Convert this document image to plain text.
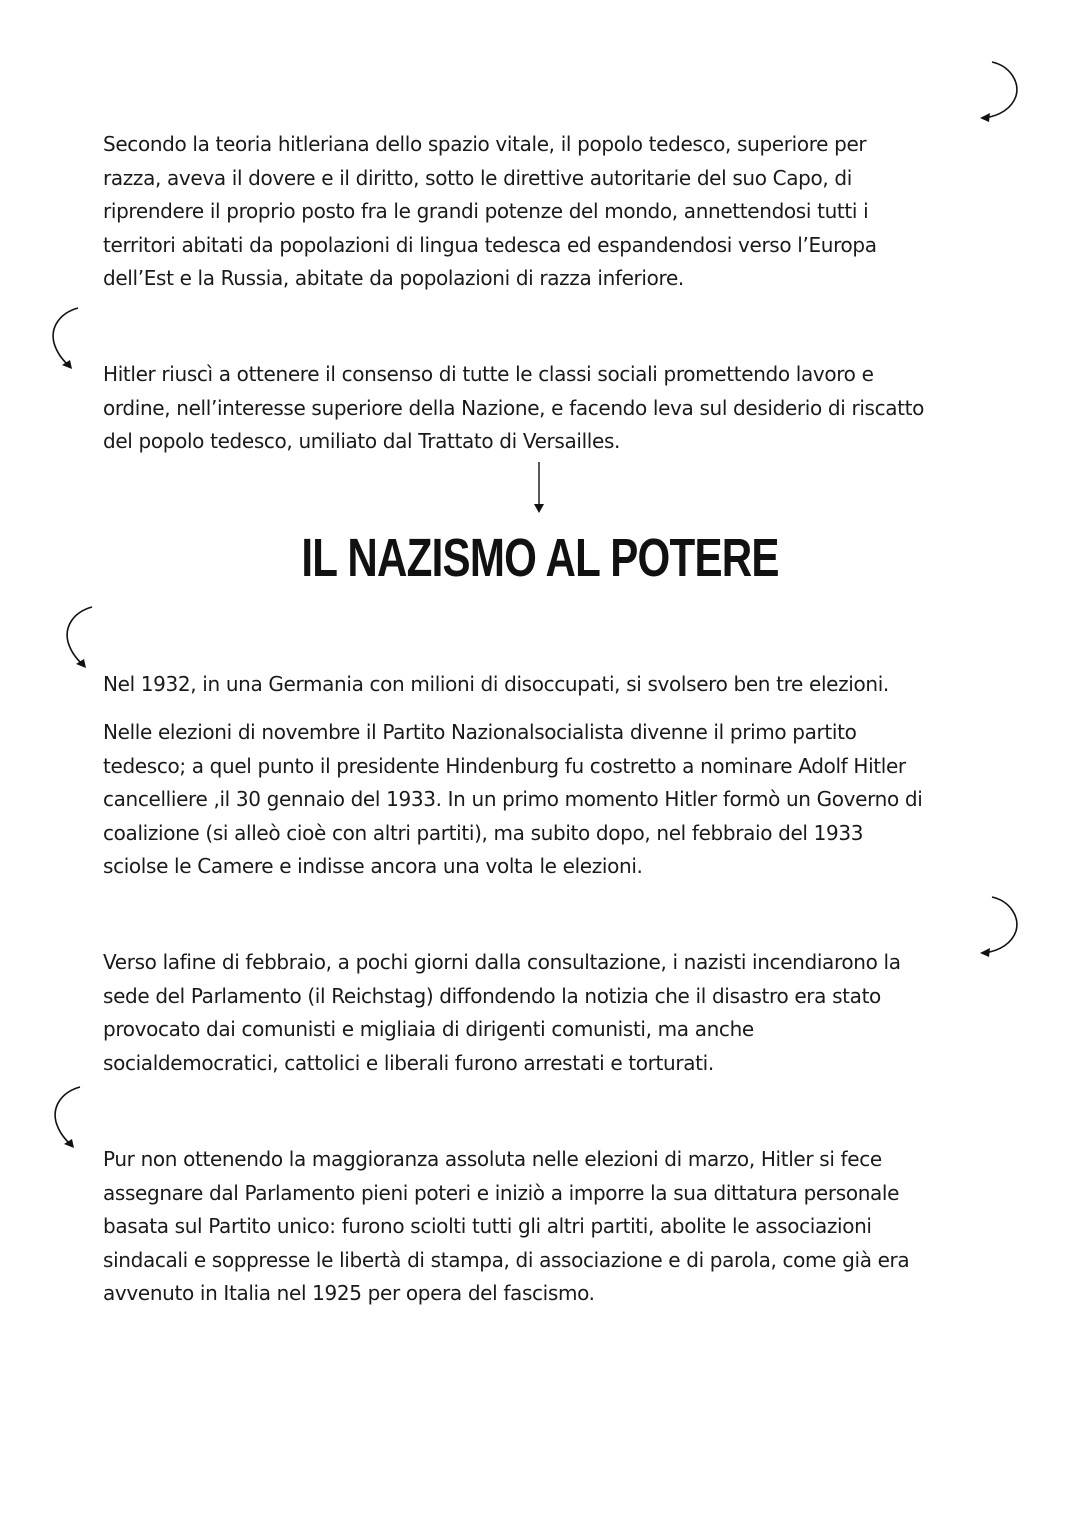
Secondo la teoria hitleriana dello spazio vitale, il popolo tedesco, superiore per
razza, aveva il dovere e il diritto, sotto le direttive autoritarie del suo Capo, di
riprendere il proprio posto fra le grandi potenze del mondo, annettendosi tutti i
territori abitati da popolazioni di lingua tedesca ed espandendosi verso l’Europa
dell’Est e la Russia, abitate da popolazioni di razza inferiore.

Hitler riuscì a ottenere il consenso di tutte le classi sociali promettendo lavoro e
ordine, nell’interesse superiore della Nazione, e facendo leva sul desiderio di riscatto
del popolo tedesco, umiliato dal Trattato di Versailles.

IL NAZISMO AL POTERE

Nel 1932, in una Germania con milioni di disoccupati, si svolsero ben tre elezioni.

Nelle elezioni di novembre il Partito Nazionalsocialista divenne il primo partito
tedesco; a quel punto il presidente Hindenburg fu costretto a nominare Adolf Hitler
cancelliere ,il 30 gennaio del 1933. In un primo momento Hitler formò un Governo di
coalizione (si alleò cioè con altri partiti), ma subito dopo, nel febbraio del 1933
sciolse le Camere e indisse ancora una volta le elezioni.

Verso lafine di febbraio, a pochi giorni dalla consultazione, i nazisti incendiarono la
sede del Parlamento (il Reichstag) diffondendo la notizia che il disastro era stato
provocato dai comunisti e migliaia di dirigenti comunisti, ma anche
socialdemocratici, cattolici e liberali furono arrestati e torturati.

Pur non ottenendo la maggioranza assoluta nelle elezioni di marzo, Hitler si fece
assegnare dal Parlamento pieni poteri e iniziò a imporre la sua dittatura personale
basata sul Partito unico: furono sciolti tutti gli altri partiti, abolite le associazioni
sindacali e soppresse le libertà di stampa, di associazione e di parola, come già era
avvenuto in Italia nel 1925 per opera del fascismo.
